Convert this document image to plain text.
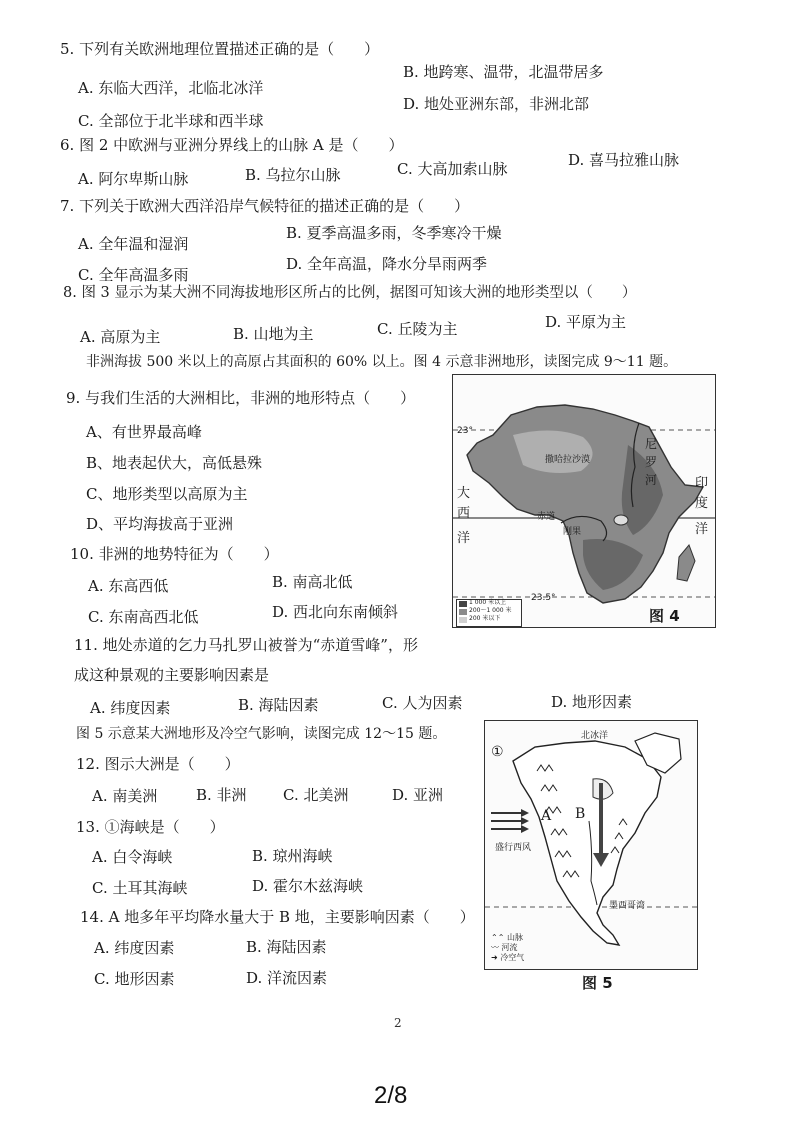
5. 下列有关欧洲地理位置描述正确的是（　　）
A. 东临大西洋，北临北冰洋
B. 地跨寒、温带，北温带居多
C. 全部位于北半球和西半球
D. 地处亚洲东部，非洲北部
6. 图 2 中欧洲与亚洲分界线上的山脉 A 是（　　）
A. 阿尔卑斯山脉	B. 乌拉尔山脉	C. 大高加索山脉	D. 喜马拉雅山脉
7. 下列关于欧洲大西洋沿岸气候特征的描述正确的是（　　）
A. 全年温和湿润
B. 夏季高温多雨，冬季寒冷干燥
C. 全年高温多雨
D. 全年高温，降水分旱雨两季
8. 图 3 显示为某大洲不同海拔地形区所占的比例，据图可知该大洲的地形类型以（　　）
A. 高原为主	B. 山地为主	C. 丘陵为主	D. 平原为主
非洲海拔 500 米以上的高原占其面积的 60% 以上。图 4 示意非洲地形，读图完成 9～11 题。
9. 与我们生活的大洲相比，非洲的地形特点（　　）
A、有世界最高峰
B、地表起伏大，高低悬殊
C、地形类型以高原为主
D、平均海拔高于亚洲
10. 非洲的地势特征为（　　）
A. 东高西低	B. 南高北低
C. 东南高西北低	D. 西北向东南倾斜
11. 地处赤道的乞力马扎罗山被誉为“赤道雪峰”，形
成这种景观的主要影响因素是
A. 纬度因素	B. 海陆因素	C. 人为因素	D. 地形因素
图 5 示意某大洲地形及冷空气影响，读图完成 12～15 题。
12. 图示大洲是（　　）
A. 南美洲	B. 非洲 C. 北美洲	D. 亚洲
13. ①海峡是（　　）
A. 白令海峡	B. 琼州海峡
C. 土耳其海峡	D. 霍尔木兹海峡
14. A 地多年平均降水量大于 B 地，主要影响因素（　　）
A. 纬度因素	B. 海陆因素
C. 地形因素	D. 洋流因素
23°
23.5°
大
西
洋
印
度
洋
撒哈拉沙漠
尼
罗
河
刚果
赤道
1 000 米以上
200～1 000 米
200 米以下	图 4
①
北冰洋
A B
盛行西风
墨西哥湾
⌃⌃ 山脉
〰 河流
➜ 冷空气
图 5
2
2/8
